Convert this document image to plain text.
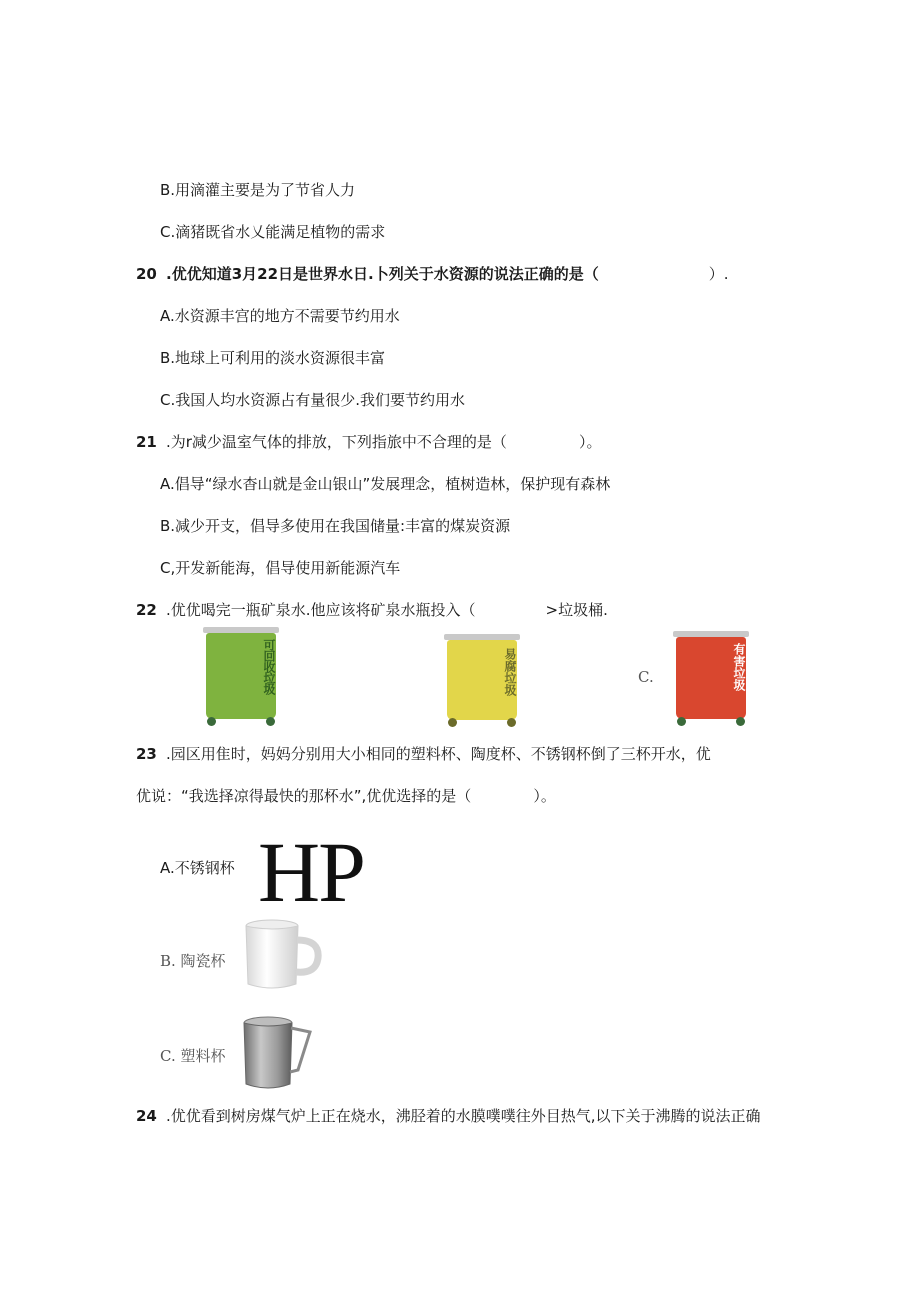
B.用滴灌主要是为了节省人力
C.滴猪既省水乂能满足植物的需求
20 .优优知道3月22日是世界水日.卜列关于水资源的说法正确的是（	）.
A.水资源丰宫的地方不需要节约用水
B.地球上可利用的淡水资源很丰富
C.我国人均水资源占有量很少.我们要节约用水
21 .为r减少温室气体的排放，下列指旅中不合理的是（	）。
A.倡导“绿水杳山就是金山银山”发展理念，植树造林，保护现有森林
B.减少开支，倡导多使用在我国储量:丰富的煤炭资源
C,开发新能海，倡导使用新能源汽车
22 .优优喝完一瓶矿泉水.他应该将矿泉水瓶投入（	>垃圾桶.
可回收垃圾	易腐垃圾	C.	有害垃圾
23 .园区用隹时，妈妈分别用大小相同的塑料杯、陶度杯、不锈钢杯倒了三杯开水，优
优说：“我选择凉得最快的那杯水”,优优选择的是（	）。
A.不锈钢杯 HP
B. 陶瓷杯
C. 塑料杯
24 .优优看到树房煤气炉上正在烧水，沸胫着的水膜噗噗往外目热气,以下关于沸腾的说法正确
